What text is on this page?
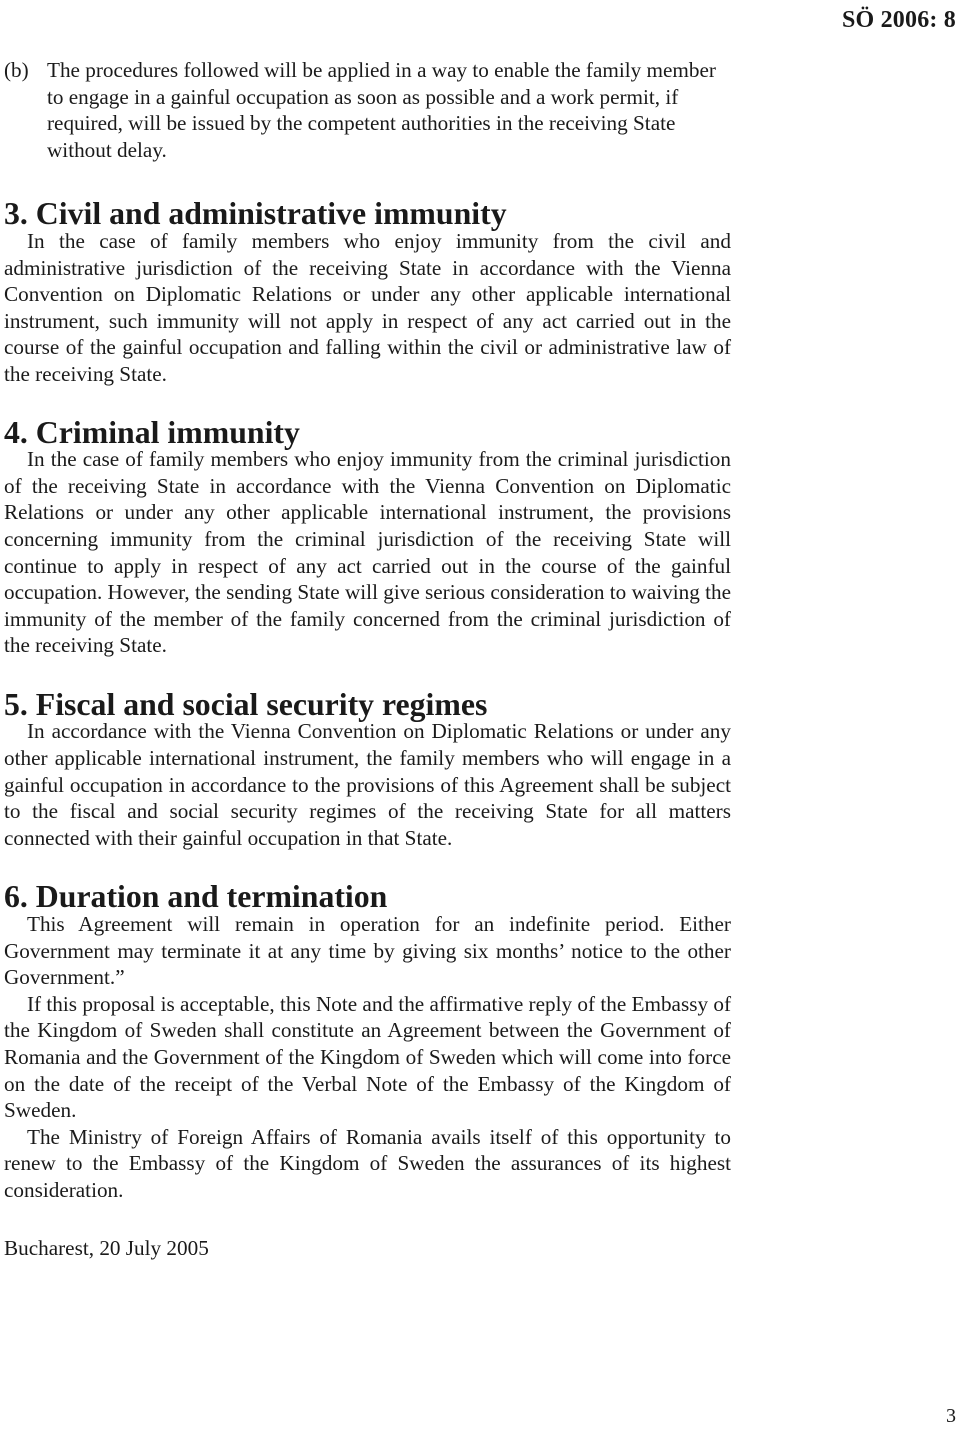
SÖ 2006: 8
(b) The procedures followed will be applied in a way to enable the family member to engage in a gainful occupation as soon as possible and a work permit, if required, will be issued by the competent authorities in the receiving State without delay.
3. Civil and administrative immunity

In the case of family members who enjoy immunity from the civil and administrative jurisdiction of the receiving State in accordance with the Vienna Convention on Diplomatic Relations or under any other applicable international instrument, such immunity will not apply in respect of any act carried out in the course of the gainful occupation and falling within the civil or administrative law of the receiving State.

4. Criminal immunity

In the case of family members who enjoy immunity from the criminal jurisdiction of the receiving State in accordance with the Vienna Convention on Diplomatic Relations or under any other applicable international instrument, the provisions concerning immunity from the criminal jurisdiction of the receiving State will continue to apply in respect of any act carried out in the course of the gainful occupation. However, the sending State will give serious consideration to waiving the immunity of the member of the family concerned from the criminal jurisdiction of the receiving State.

5. Fiscal and social security regimes

In accordance with the Vienna Convention on Diplomatic Relations or under any other applicable international instrument, the family members who will engage in a gainful occupation in accordance to the provisions of this Agreement shall be subject to the fiscal and social security regimes of the receiving State for all matters connected with their gainful occupation in that State.

6. Duration and termination

This Agreement will remain in operation for an indefinite period. Either Government may terminate it at any time by giving six months’ notice to the other Government.”

If this proposal is acceptable, this Note and the affirmative reply of the Embassy of the Kingdom of Sweden shall constitute an Agreement between the Government of Romania and the Government of the Kingdom of Sweden which will come into force on the date of the receipt of the Verbal Note of the Embassy of the Kingdom of Sweden.

The Ministry of Foreign Affairs of Romania avails itself of this opportunity to renew to the Embassy of the Kingdom of Sweden the assurances of its highest consideration.

Bucharest, 20 July 2005
3
